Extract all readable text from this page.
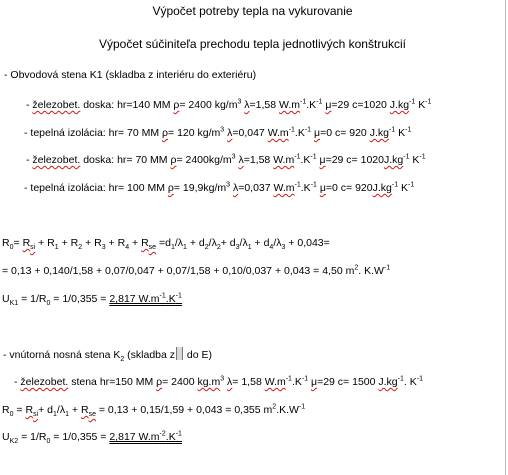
Výpočet potreby tepla na vykurovanie
Výpočet súčiniteľa prechodu tepla jednotlivých konštrukcií
- Obvodová stena K1 (skladba z interiéru do exteriéru)
- železobet. doska: hr=140 MM ρ= 2400 $kg/m^3$ λ=1,58 $W.m^{-1}.K^{-1}$ μ=29 c=1020 $J.kg^{-1}$ $K^{-1}$
- tepelná izolácia: hr= 70 MM ρ= 120 $kg/m^3$ λ=0,047 $W.m^{-1}.K^{-1}$ μ=0 c= 920 $J.kg^{-1}$ $K^{-1}$
- železobet. doska: hr= 70 MM $\rho= 2400kg/m^3$ λ=1,58 $W.m^{-1}.K^{-1}$ μ=29 $c= 1020J.kg^{-1}$ $K^{-1}$
- tepelná izolácia: hr= 100 MM $\rho= 19,9kg/m^3$ λ=0,037 $W.m^{-1}.K^{-1}$ μ=0 $c= 920J.kg^{-1}$ $K^{-1}$
$R_0= R_{si} + R_1 + R_2 + R_3 + R_4 + R_{se} =d_1/\lambda_1 + d_2/\lambda_2+ d_3/\lambda_1 + d_4/\lambda_3 + 0,043=$
= 0,13 + 0,140/1,58 + 0,07/0,047 + 0,07/1,58 + 0,10/0,037 + 0,043 = 4,50 $m^2$. $K.W^{-1}$
$U_{K1} = 1/R_0 = 1/0,355 = 2,817$ $W.m^{-1}.K^{-1}$
- vnútorná nosná stena $K_2$ (skladba z do E)
- železobet. stena hr=150 MM ρ= 2400 $kg.m^3$ λ= 1,58 $W.m^{-1}.K^{-1}$ μ=29 c= 1500 $J.kg^{-1}$. $K^{-1}$
$R_0 = R_{si}+ d_1/\lambda_1 + R_{se} = 0,13 + 0,15/1,59 + 0,043 = 0,355$ $m^2.K.W^{-1}$
$U_{K2} = 1/R_0 = 1/0,355 = 2,817$ $W.m^{-2}.K^{-1}$
